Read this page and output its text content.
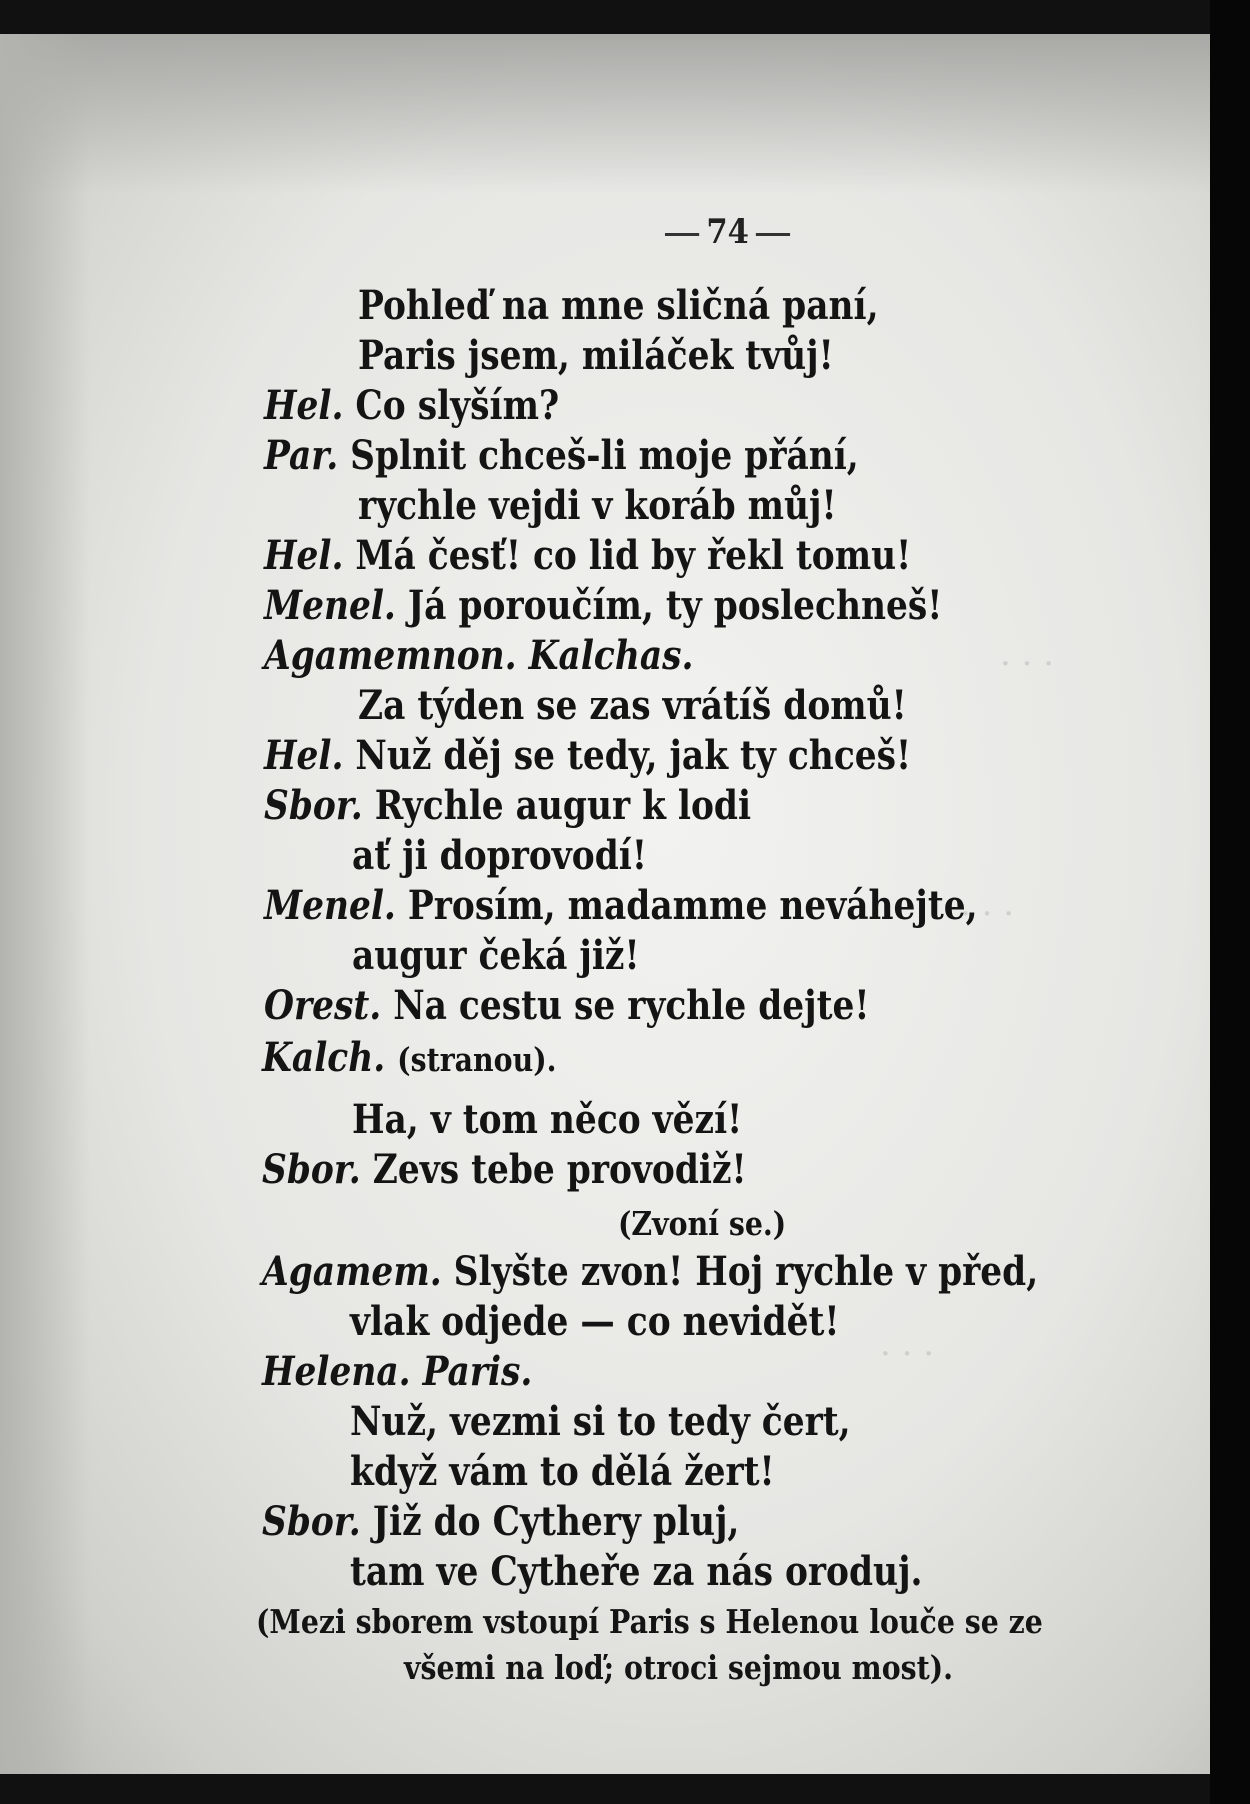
· · ·
· · ·
· · ·
74
Pohleď na mne sličná paní,
Paris jsem, miláček tvůj!
Hel. Co slyším?
Par. Splnit chceš-li moje přání,
rychle vejdi v koráb můj!
Hel. Má česť! co lid by řekl tomu!
Menel. Já poroučím, ty poslechneš!
Agamemnon. Kalchas.
Za týden se zas vrátíš domů!
Hel. Nuž děj se tedy, jak ty chceš!
Sbor. Rychle augur k lodi
ať ji doprovodí!
Menel. Prosím, madamme neváhejte,
augur čeká již!
Orest. Na cestu se rychle dejte!
Kalch. (stranou).
Ha, v tom něco vězí!
Sbor. Zevs tebe provodiž!
(Zvoní se.)
Agamem. Slyšte zvon! Hoj rychle v před,
vlak odjede — co nevidět!
Helena. Paris.
Nuž, vezmi si to tedy čert,
když vám to dělá žert!
Sbor. Již do Cythery pluj,
tam ve Cytheře za nás oroduj.
(Mezi sborem vstoupí Paris s Helenou louče se ze
všemi na loď; otroci sejmou most).
